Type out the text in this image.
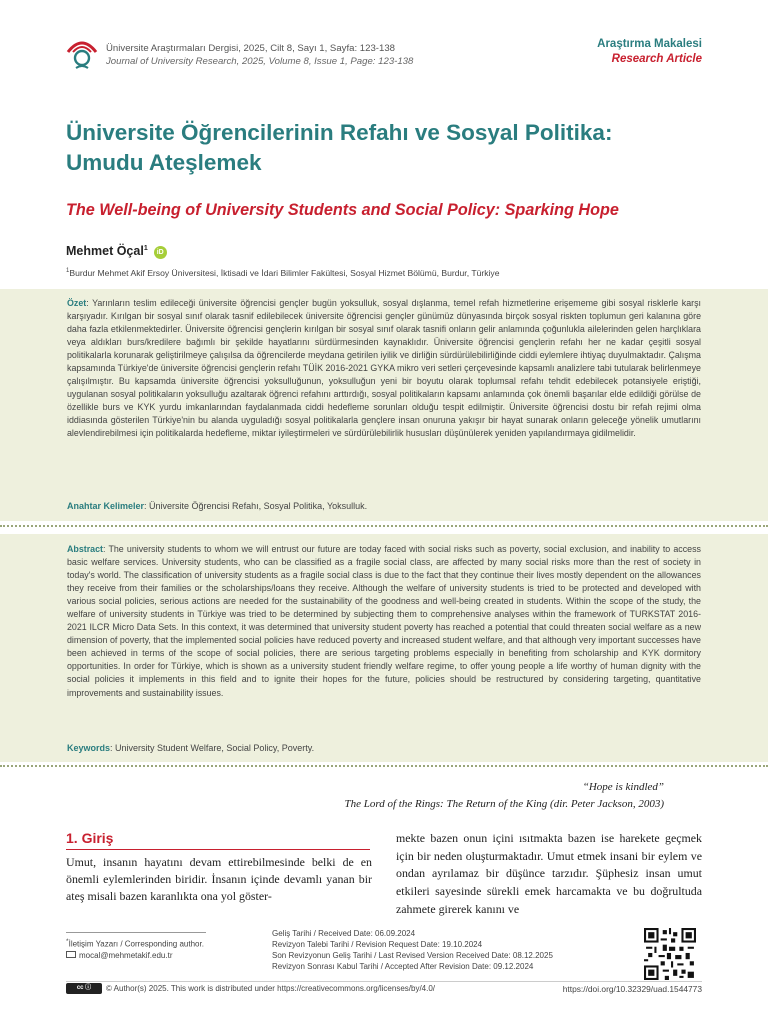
Üniversite Araştırmaları Dergisi, 2025, Cilt 8, Sayı 1, Sayfa: 123-138
Journal of University Research, 2025, Volume 8, Issue 1, Page: 123-138
Araştırma Makalesi
Research Article
Üniversite Öğrencilerinin Refahı ve Sosyal Politika:
Umudu Ateşlemek
The Well-being of University Students and Social Policy: Sparking Hope
Mehmet Öçal$^1$iD
$^1$Burdur Mehmet Akif Ersoy Üniversitesi, İktisadi ve İdari Bilimler Fakültesi, Sosyal Hizmet Bölümü, Burdur, Türkiye
Özet: Yarınların teslim edileceği üniversite öğrencisi gençler bugün yoksulluk, sosyal dışlanma, temel refah hizmetlerine erişememe gibi sosyal risklerle karşı karşıyadır. Kırılgan bir sosyal sınıf olarak tasnif edilebilecek üniversite öğrencisi gençler günümüz dünyasında birçok sosyal riskten toplumun geri kalanına göre daha fazla etkilenmektedirler. Üniversite öğrencisi gençlerin kırılgan bir sosyal sınıf olarak tasnifi onların gelir anlamında çoğunlukla ailelerinden gelen harçlıklara veya aldıkları burs/kredilere bağımlı bir şekilde hayatlarını sürdürmesinden kaynaklıdır. Üniversite öğrencisi gençlerin refahı her ne kadar çeşitli sosyal politikalarla korunarak geliştirilmeye çalışılsa da öğrencilerde meydana getirilen iyilik ve dirliğin sürdürülebilirliğinde ciddi eylemlere ihtiyaç duyulmaktadır. Çalışma kapsamında Türkiye'de üniversite öğrencisi gençlerin refahı TÜİK 2016-2021 GYKA mikro veri setleri çerçevesinde kapsamlı analizlere tabi tutularak belirlenmeye çalışılmıştır. Bu kapsamda üniversite öğrencisi yoksulluğunun, yoksulluğun yeni bir boyutu olarak toplumsal refahı tehdit edebilecek potansiyele eriştiği, uygulanan sosyal politikaların yoksulluğu azaltarak öğrenci refahını arttırdığı, sosyal politikaların kapsamı anlamında çok önemli başarılar elde edildiği görülse de özellikle burs ve KYK yurdu imkanlarından faydalanmada ciddi hedefleme sorunları olduğu tespit edilmiştir. Üniversite öğrencisi dostu bir refah rejimi olma iddiasında gösterilen Türkiye'nin bu alanda uyguladığı sosyal politikalarla gençlere insan onuruna yakışır bir hayat sunarak onların geleceğe yönelik umutlarını alevlendirebilmesi için politikalarda hedefleme, miktar iyileştirmeleri ve sürdürülebilirlik hususları düşünülerek yeniden yapılandırmaya gidilmelidir.
Anahtar Kelimeler: Üniversite Öğrencisi Refahı, Sosyal Politika, Yoksulluk.
Abstract: The university students to whom we will entrust our future are today faced with social risks such as poverty, social exclusion, and inability to access basic welfare services. University students, who can be classified as a fragile social class, are affected by many social risks more than the rest of society in today's world. The classification of university students as a fragile social class is due to the fact that they continue their lives mostly dependent on the allowances they receive from their families or the scholarships/loans they receive. Although the welfare of university students is tried to be protected and developed with various social policies, serious actions are needed for the sustainability of the goodness and well-being created in students. Within the scope of the study, the welfare of university students in Türkiye was tried to be determined by subjecting them to comprehensive analyses within the framework of TURKSTAT 2016-2021 ILCR Micro Data Sets. In this context, it was determined that university student poverty has reached a potential that could threaten social welfare as a new dimension of poverty, that the implemented social policies have reduced poverty and increased student welfare, and that although very important successes have been achieved in terms of the scope of social policies, there are serious targeting problems especially in benefiting from scholarship and KYK dormitory opportunities. In order for Türkiye, which is shown as a university student friendly welfare regime, to offer young people a life worthy of human dignity with the social policies it implements in this field and to ignite their hopes for the future, policies should be restructured by considering targeting, quantitative improvements and sustainability issues.
Keywords: University Student Welfare, Social Policy, Poverty.
“Hope is kindled”
The Lord of the Rings: The Return of the King (dir. Peter Jackson, 2003)
1. Giriş
Umut, insanın hayatını devam ettirebilmesinde belki de en önemli eylemlerinden biridir. İnsanın içinde devamlı yanan bir ateş misali bazen karanlıkta ona yol göster-
mekte bazen onun içini ısıtmakta bazen ise harekete geçmek için bir neden oluşturmaktadır. Umut etmek insani bir eylem ve ondan ayrılamaz bir düşünce tarzıdır. Şüphesiz insan umut etkileri sayesinde sürekli emek harcamakta ve bu doğrultuda zahmete girerek kanını ve
*İletişim Yazarı / Corresponding author.
mocal@mehmetakif.edu.tr
Geliş Tarihi / Received Date: 06.09.2024
Revizyon Talebi Tarihi / Revision Request Date: 19.10.2024
Son Revizyonun Geliş Tarihi / Last Revised Version Received Date: 08.12.2025
Revizyon Sonrası Kabul Tarihi / Accepted After Revision Date: 09.12.2024
cc ⓘ	© Author(s) 2025. This work is distributed under https://creativecommons.org/licenses/by/4.0/	https://doi.org/10.32329/uad.1544773
